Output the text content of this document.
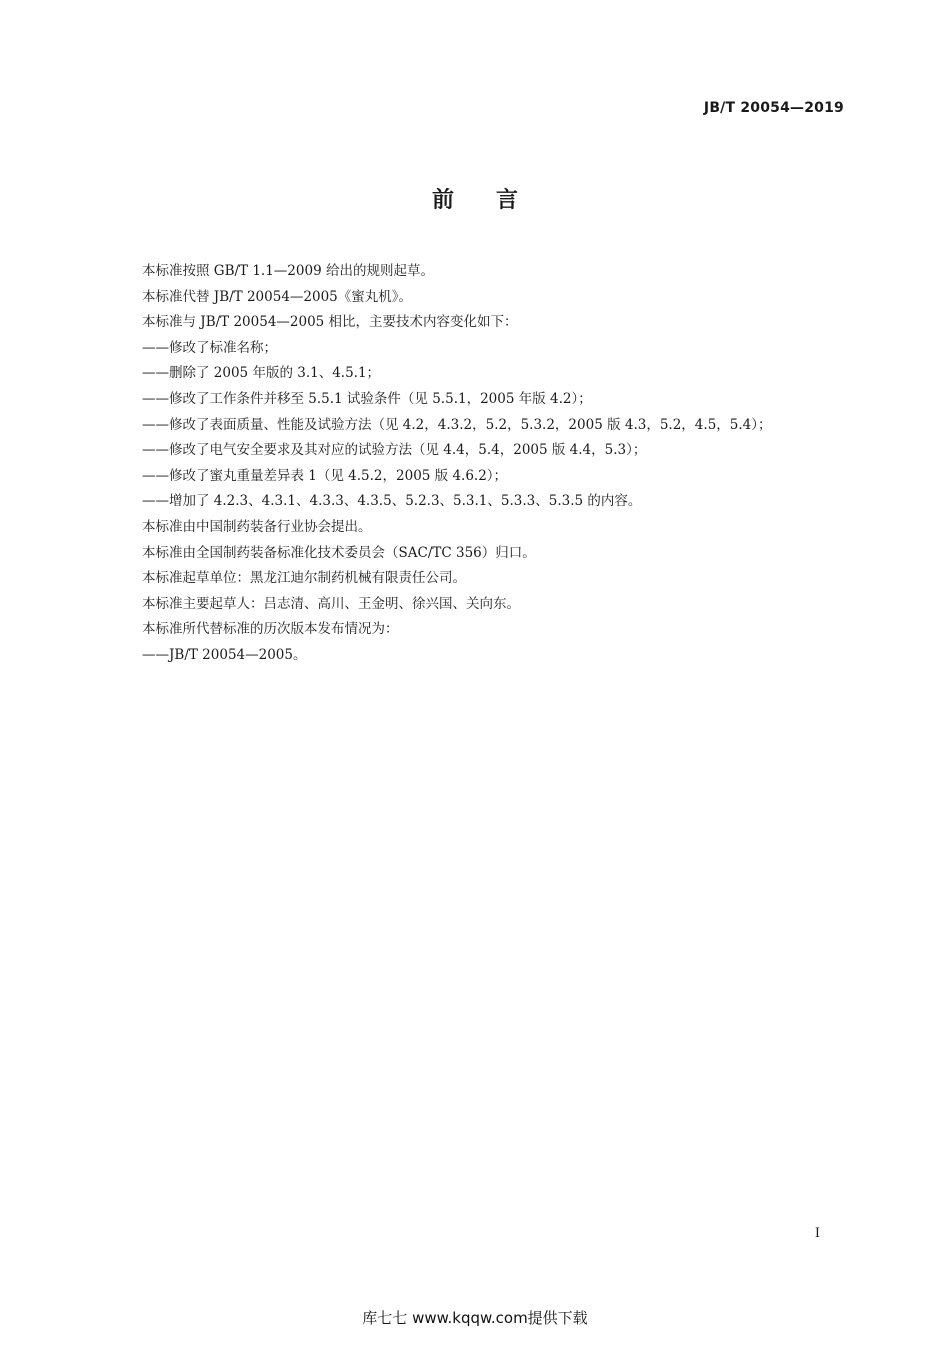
JB/T 20054—2019
前言
本标准按照 GB/T 1.1—2009 给出的规则起草。
本标准代替 JB/T 20054—2005《蜜丸机》。
本标准与 JB/T 20054—2005 相比，主要技术内容变化如下：
——修改了标准名称；
——删除了 2005 年版的 3.1、4.5.1；
——修改了工作条件并移至 5.5.1 试验条件（见 5.5.1，2005 年版 4.2）；
——修改了表面质量、性能及试验方法（见 4.2，4.3.2，5.2，5.3.2，2005 版 4.3，5.2，4.5，5.4）；
——修改了电气安全要求及其对应的试验方法（见 4.4，5.4，2005 版 4.4，5.3）；
——修改了蜜丸重量差异表 1（见 4.5.2，2005 版 4.6.2）；
——增加了 4.2.3、4.3.1、4.3.3、4.3.5、5.2.3、5.3.1、5.3.3、5.3.5 的内容。
本标准由中国制药装备行业协会提出。
本标准由全国制药装备标准化技术委员会（SAC/TC 356）归口。
本标准起草单位：黑龙江迪尔制药机械有限责任公司。
本标准主要起草人：吕志清、高川、王金明、徐兴国、关向东。
本标准所代替标准的历次版本发布情况为：
——JB/T 20054—2005。
I
库七七 www.kqqw.com提供下载
